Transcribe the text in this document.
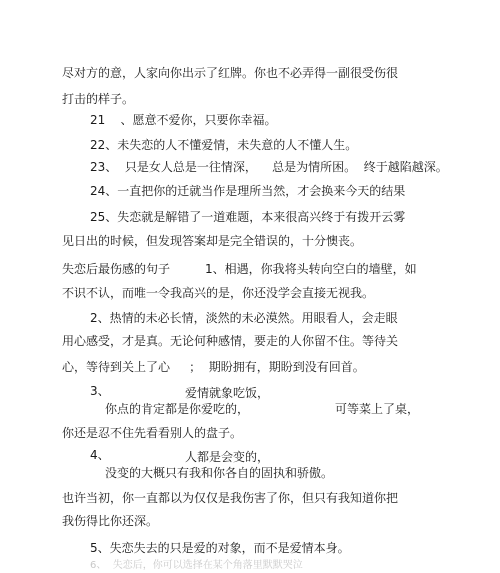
尽对方的意，人家向你出示了红牌。你也不必弄得一副很受伤很
打击的样子。
21    、愿意不爱你，只要你幸福。
22、未失恋的人不懂爱情，未失意的人不懂人生。
23、  只是女人总是一往情深，    总是为情所困。  终于越陷越深。
24、一直把你的迁就当作是理所当然，才会换来今天的结果
25、失恋就是解错了一道难题，本来很高兴终于有拨开云雾
见日出的时候，但发现答案却是完全错误的，十分懊丧。
失恋后最伤感的句子	1、相遇，你我将头转向空白的墙壁，如
不识不认，而唯一令我高兴的是，你还没学会直接无视我。
2、热情的未必长情，淡然的未必漠然。用眼看人，会走眼
用心感受，才是真。无论何种感情，要走的人你留不住。等待关
心，等待到关上了心     ；  期盼拥有，期盼到没有回首。
3、	爱情就象吃饭，
你点的肯定都是你爱吃的，	可等菜上了桌，
你还是忍不住先看看别人的盘子。
4、	人都是会变的，
没变的大概只有我和你各自的固执和骄傲。
也许当初，你一直都以为仅仅是我伤害了你，但只有我知道你把
我伤得比你还深。
5、失恋失去的只是爱的对象，而不是爱情本身。
6、  失恋后，你可以选择在某个角落里默默哭泣
